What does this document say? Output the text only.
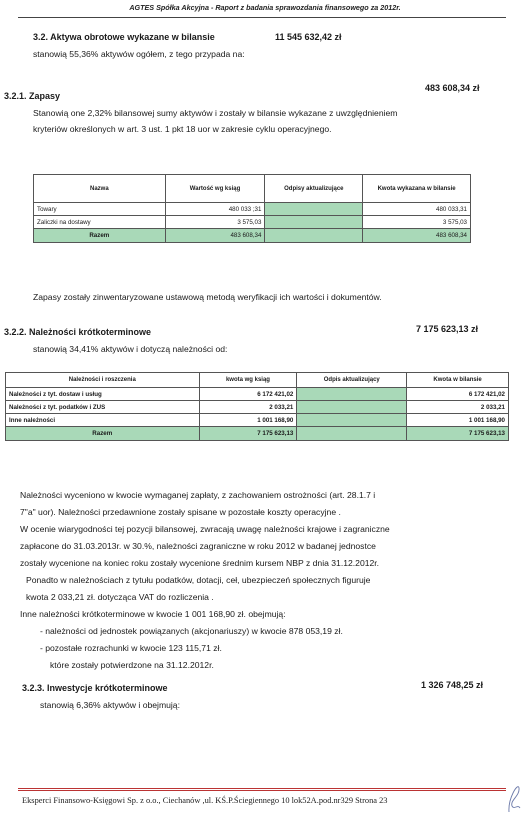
AGTES Spółka Akcyjna - Raport z badania sprawozdania finansowego za 2012r.
3.2. Aktywa obrotowe wykazane w bilansie	11 545 632,42 zł
stanowią 55,36% aktywów ogółem, z tego przypada na:
3.2.1. Zapasy
483 608,34 zł
Stanowią one 2,32% bilansowej sumy aktywów i zostały w bilansie wykazane z uwzględnieniem
kryteriów określonych w art. 3 ust. 1 pkt 18 uor w zakresie cyklu operacyjnego.
Nazwa	Wartość wg ksiąg	Odpisy aktualizujące	Kwota wykazana w bilansie
Towary	480 033 ;31		480 033,31
Zaliczki na dostawy	3 575,03		3 575,03
Razem	483 608,34		483 608,34
Zapasy zostały zinwentaryzowane ustawową metodą weryfikacji ich wartości i dokumentów.
3.2.2. Należności krótkoterminowe	7 175 623,13 zł
stanowią 34,41% aktywów i dotyczą należności od:
Należności i roszczenia	kwota wg ksiąg	Odpis aktualizujący	Kwota w bilansie
Należności z tyt. dostaw i usług	6 172 421,02		6 172 421,02
Należności z tyt. podatków i ZUS	2 033,21		2 033,21
Inne należności	1 001 168,90		1 001 168,90
Razem	7 175 623,13		7 175 623,13
Należności wyceniono w kwocie wymaganej zapłaty, z zachowaniem ostrożności (art. 28.1.7 i
7"a" uor). Należności przedawnione zostały spisane w pozostałe koszty operacyjne .
W ocenie wiarygodności tej pozycji bilansowej, zwracają uwagę należności krajowe i zagraniczne
zapłacone do 31.03.2013r. w 30.%, należności zagraniczne w roku 2012 w badanej jednostce
zostały wycenione na koniec roku zostały wycenione średnim kursem NBP z dnia 31.12.2012r.
Ponadto w należnościach z tytułu podatków, dotacji, ceł, ubezpieczeń społecznych figuruje
kwota 2 033,21 zł. dotycząca VAT do rozliczenia .
Inne należności krótkoterminowe w kwocie 1 001 168,90 zł. obejmują:
- należności od jednostek powiązanych (akcjonariuszy) w kwocie 878 053,19 zł.
- pozostałe rozrachunki w kwocie 123 115,71 zł.
które zostały potwierdzone na 31.12.2012r.
3.2.3. Inwestycje krótkoterminowe	1 326 748,25 zł
stanowią 6,36% aktywów i obejmują:
Eksperci Finansowo-Księgowi Sp. z o.o., Ciechanów ,ul. KŚ.P.Ściegiennego 10 lok52A.pod.nr329 Strona 23
